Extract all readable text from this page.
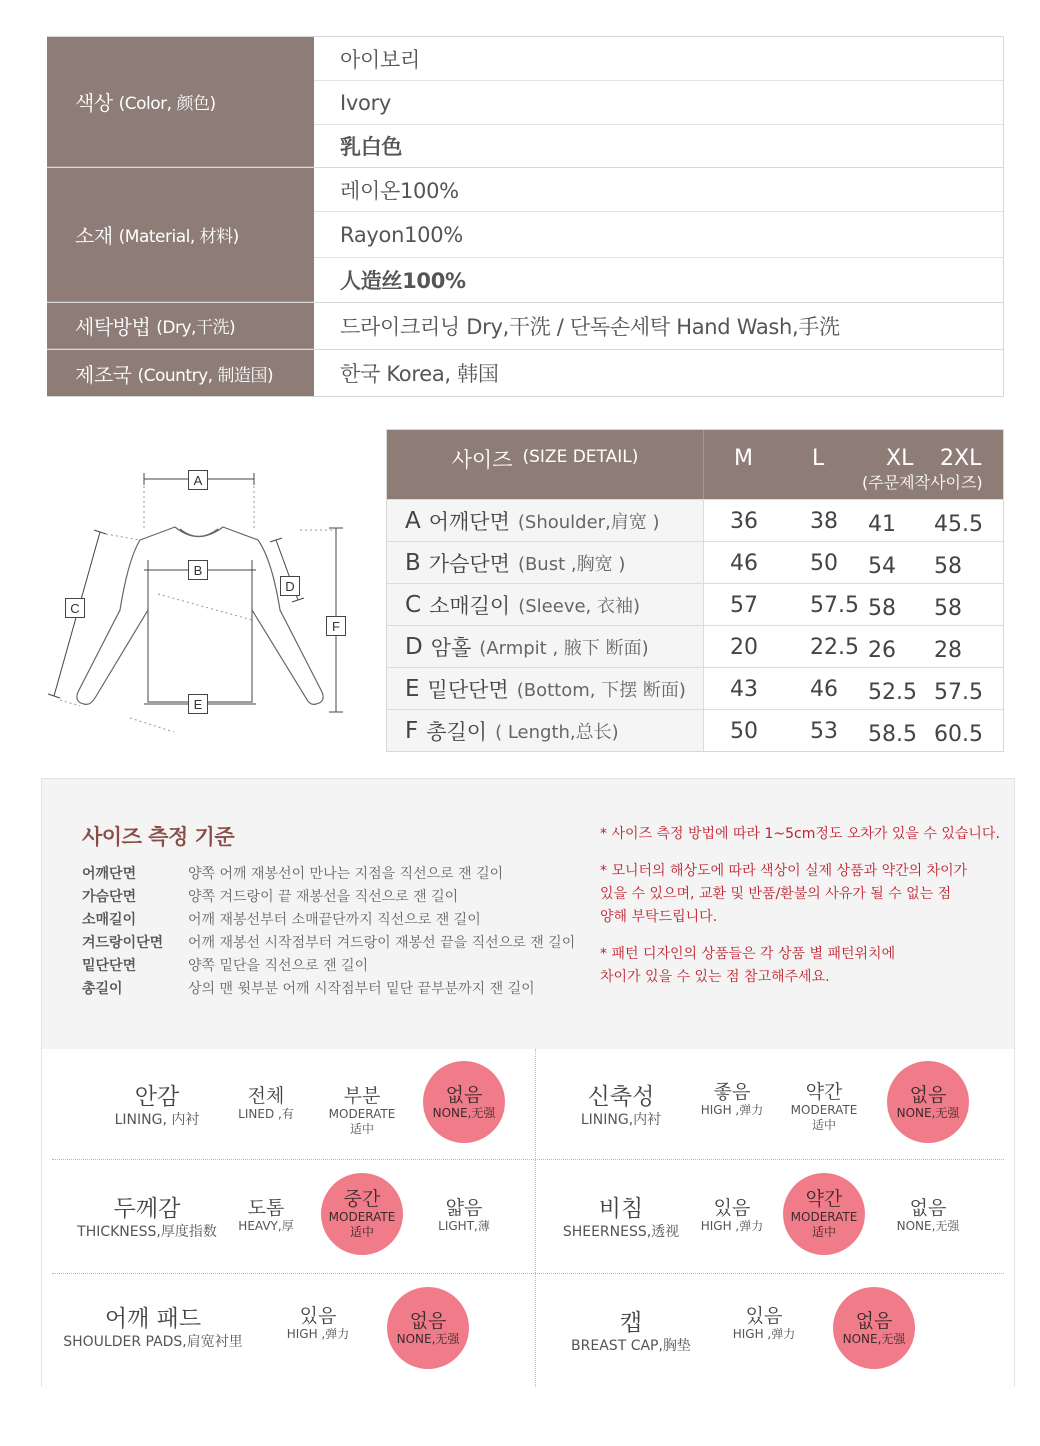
색상 (Color, 颜色)
아이보리
Ivory
乳白色
소재 (Material, 材料)
레이온100%
Rayon100%
人造丝100%
세탁방법 (Dry,干洗)	드라이크리닝 Dry,干洗 / 단독손세탁 Hand Wash,手洗
제조국 (Country, 制造国)	한국 Korea, 韩国
A
B
C
D
E
F
사이즈 (SIZE DETAIL)	M	L	XL 2XL
(주문제작사이즈)
A 어깨단면 (Shoulder,肩宽 )	36 38 41 45.5
B 가슴단면 (Bust ,胸宽 )	46 50 54 58
C 소매길이 (Sleeve, 衣袖)	57 57.5 58 58
D 암홀 (Armpit , 腋下 断面)	20 22.5 26 28
E 밑단단면 (Bottom, 下摆 断面) 43 46 52.5 57.5
F 총길이 ( Length,总长)	50 53 58.5 60.5
사이즈 측정 기준
어깨단면	양쪽 어깨 재봉선이 만나는 지점을 직선으로 잰 길이
가슴단면	양쪽 겨드랑이 끝 재봉선을 직선으로 잰 길이
소매길이	어깨 재봉선부터 소매끝단까지 직선으로 잰 길이
겨드랑이단면	어깨 재봉선 시작점부터 겨드랑이 재봉선 끝을 직선으로 잰 길이
밑단단면	양쪽 밑단을 직선으로 잰 길이
총길이	상의 맨 윗부분 어깨 시작점부터 밑단 끝부분까지 잰 길이
* 사이즈 측정 방법에 따라 1~5cm정도 오차가 있을 수 있습니다.
* 모니터의 해상도에 따라 색상이 실제 상품과 약간의 차이가
있을 수 있으며, 교환 및 반품/환불의 사유가 될 수 없는 점
양해 부탁드립니다.
* 패턴 디자인의 상품들은 각 상품 별 패턴위치에
차이가 있을 수 있는 점 참고해주세요.
안감
LINING, 内衬
전체
LINED ,有
부분
MODERATE
适中
없음
NONE,无强
신축성
LINING,内衬
좋음
HIGH ,弹力
약간
MODERATE
适中
없음
NONE,无强
두께감
THICKNESS,厚度指数
도톰
HEAVY,厚
중간
MODERATE
适中
얇음
LIGHT,薄
비침
SHEERNESS,透视
있음
HIGH ,弹力
약간
MODERATE
适中
없음
NONE,无强
어깨 패드
SHOULDER PADS,肩宽衬里
있음
HIGH ,弹力
없음
NONE,无强
캡
BREAST CAP,胸垫
있음
HIGH ,弹力
없음
NONE,无强
